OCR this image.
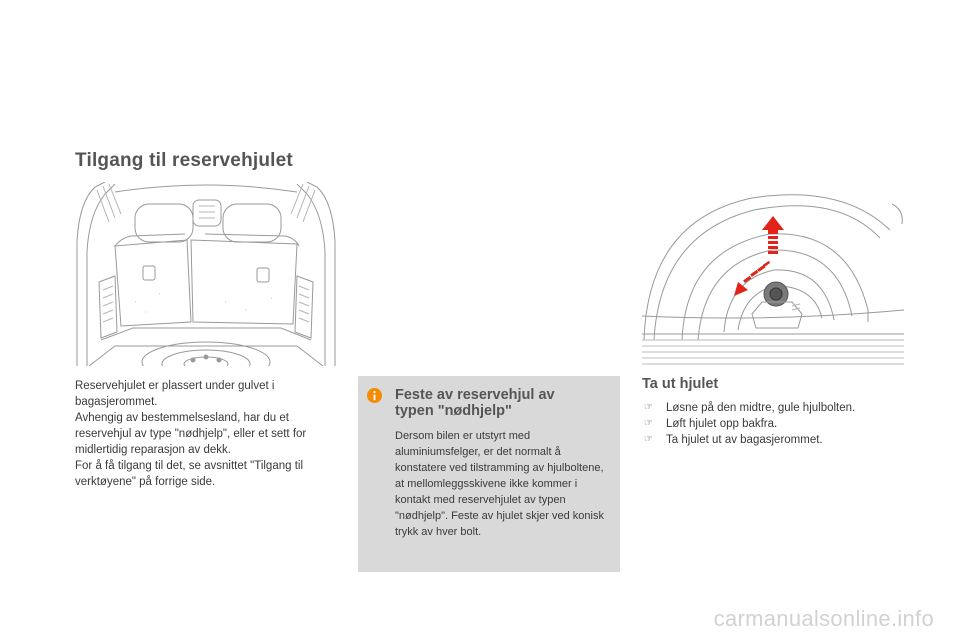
Tilgang til reservehjulet

Reservehjulet er plassert under gulvet i bagasjerommet.

Avhengig av bestemmelsesland, har du et reservehjul av type "nødhjelp", eller et sett for midlertidig reparasjon av dekk.

For å få tilgang til det, se avsnittet "Tilgang til verktøyene" på forrige side.

Feste av reservehjul av
typen "nødhjelp"
Dersom bilen er utstyrt med aluminiumsfelger, er det normalt å konstatere ved tilstramming av hjulboltene, at mellomleggsskivene ikke kommer i kontakt med reservehjulet av typen "nødhjelp". Feste av hjulet skjer ved konisk trykk av hver bolt.
Ta ut hjulet
☞ Løsne på den midtre, gule hjulbolten.
☞ Løft hjulet opp bakfra.
☞ Ta hjulet ut av bagasjerommet.
carmanualsonline.info
